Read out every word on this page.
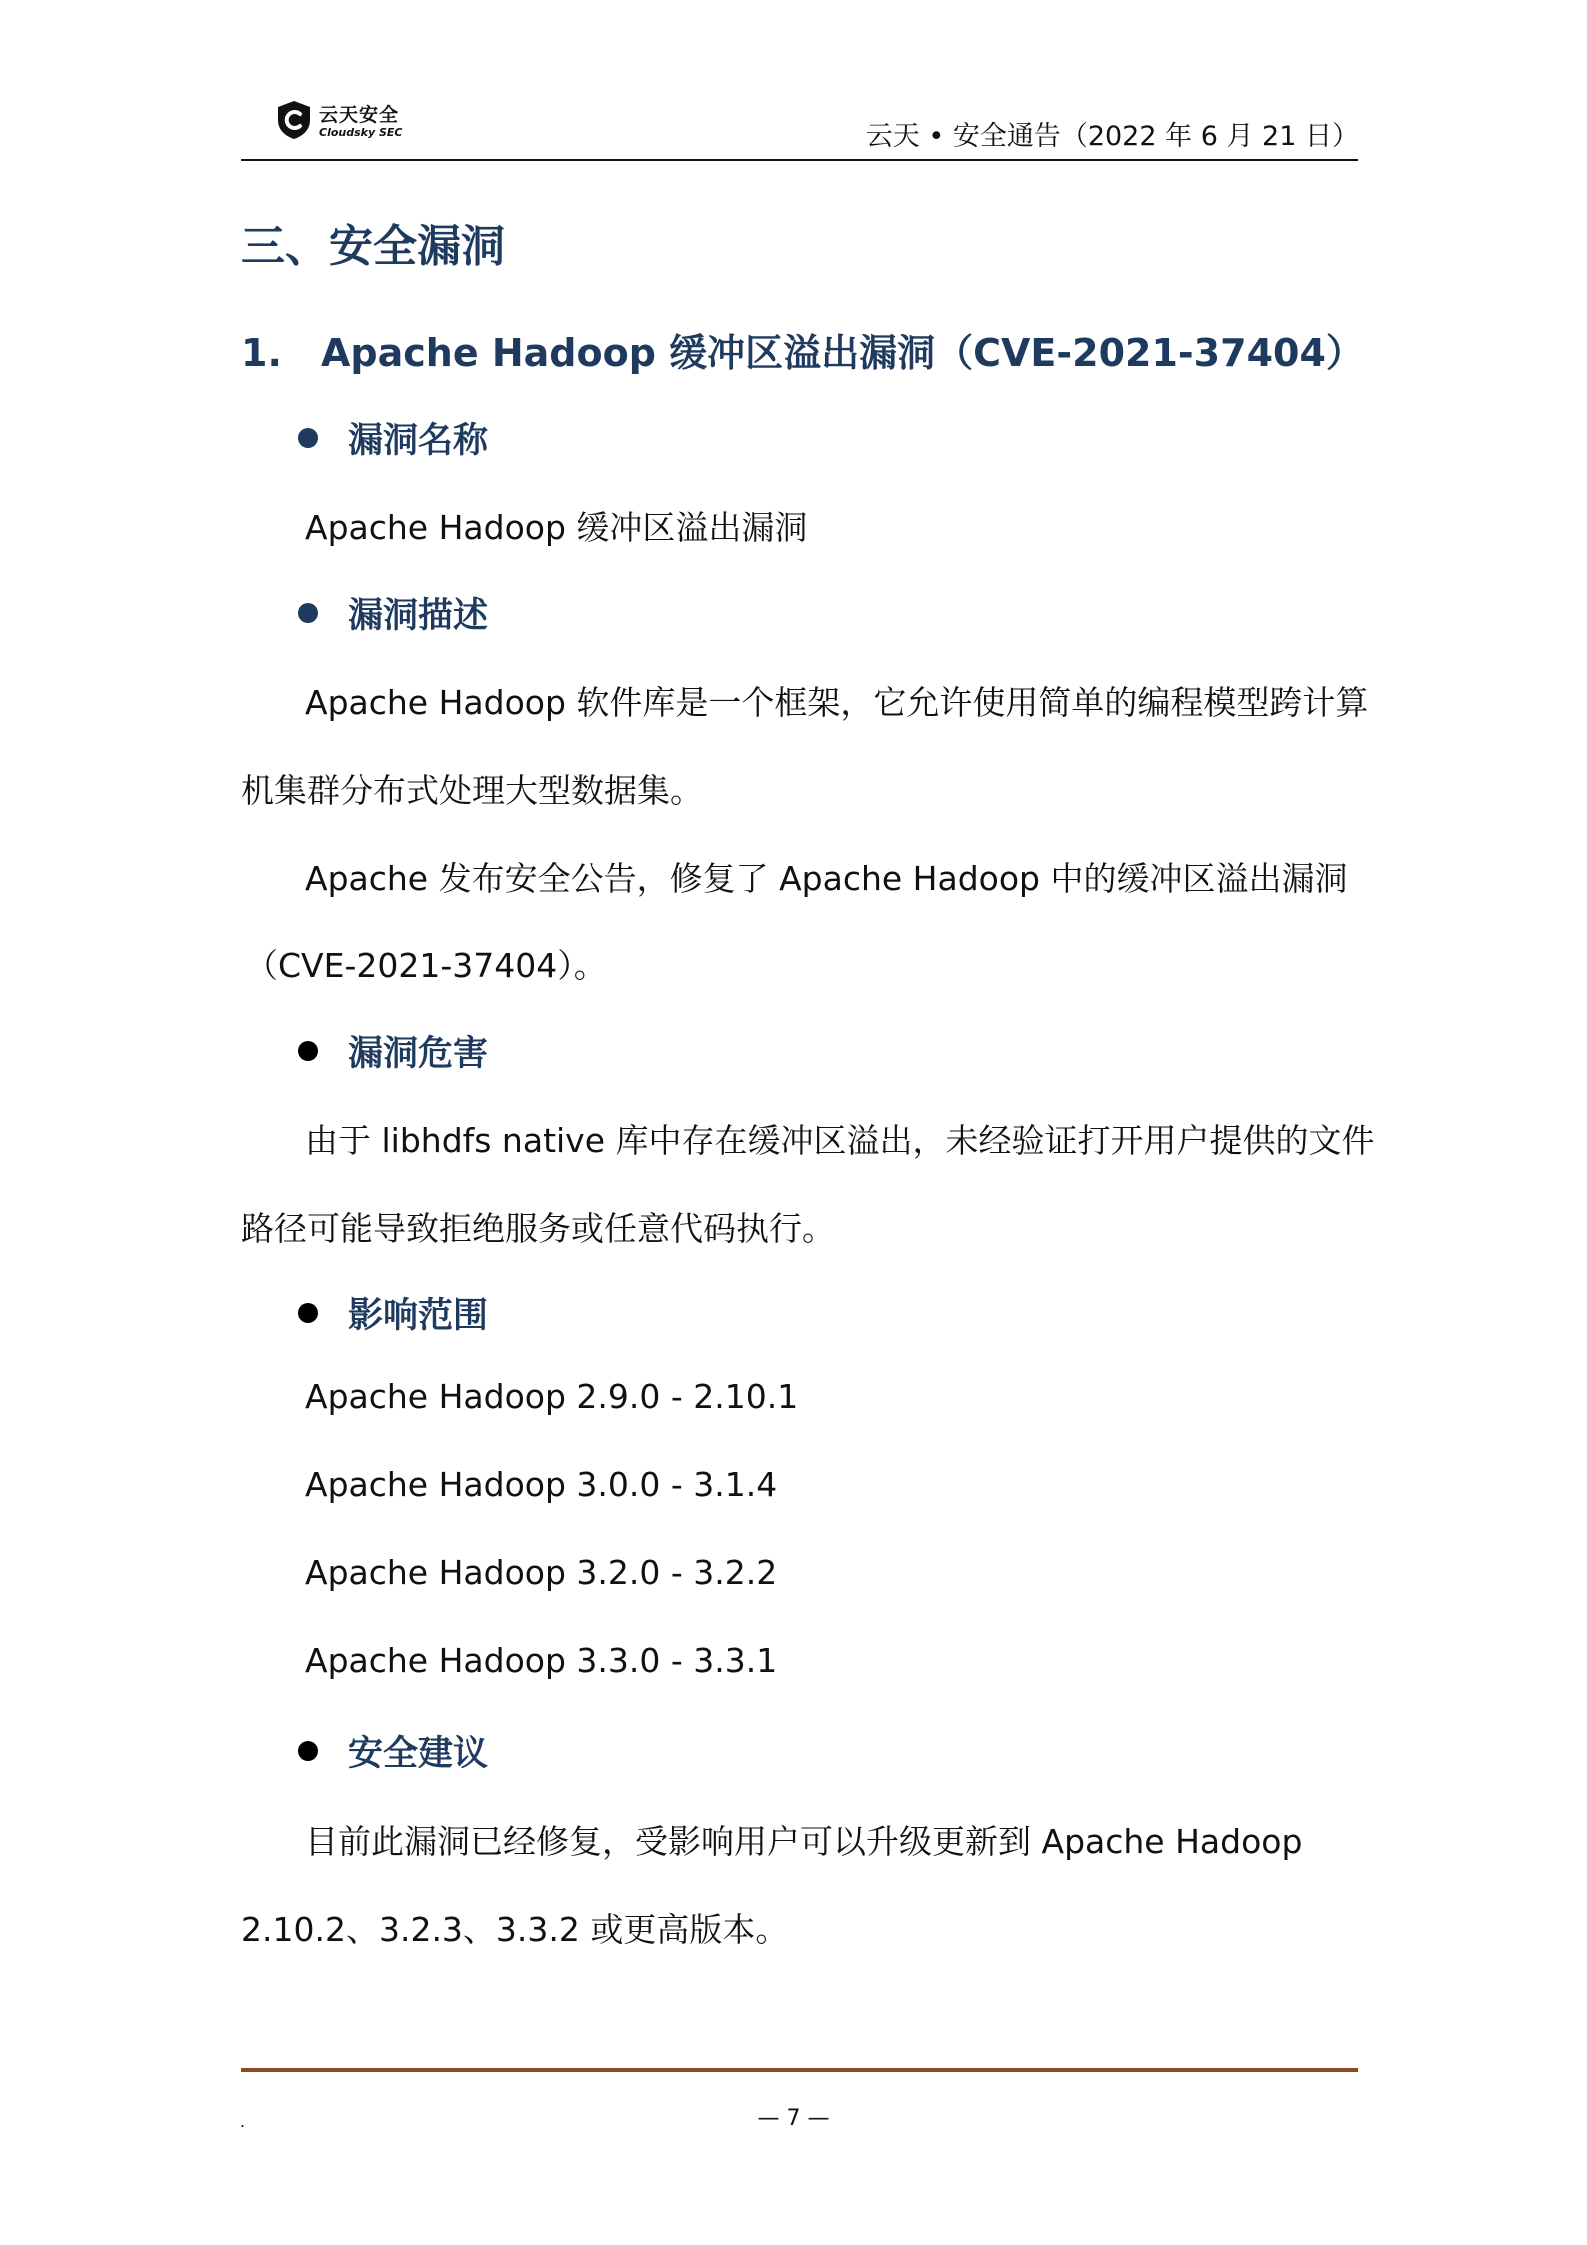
云天安全
Cloudsky SEC	云天 • 安全通告（2022 年 6 月 21 日）
三、安全漏洞
1. Apache Hadoop 缓冲区溢出漏洞（CVE-2021-37404）
漏洞名称
Apache Hadoop 缓冲区溢出漏洞
漏洞描述
Apache Hadoop 软件库是一个框架，它允许使用简单的编程模型跨计算
机集群分布式处理大型数据集。
Apache 发布安全公告，修复了 Apache Hadoop 中的缓冲区溢出漏洞
（CVE-2021-37404）。
漏洞危害
由于 libhdfs native 库中存在缓冲区溢出，未经验证打开用户提供的文件
路径可能导致拒绝服务或任意代码执行。
影响范围
Apache Hadoop 2.9.0 - 2.10.1
Apache Hadoop 3.0.0 - 3.1.4
Apache Hadoop 3.2.0 - 3.2.2
Apache Hadoop 3.3.0 - 3.3.1
安全建议
目前此漏洞已经修复，受影响用户可以升级更新到 Apache Hadoop
2.10.2、3.2.3、3.3.2 或更高版本。
.	— 7 —
